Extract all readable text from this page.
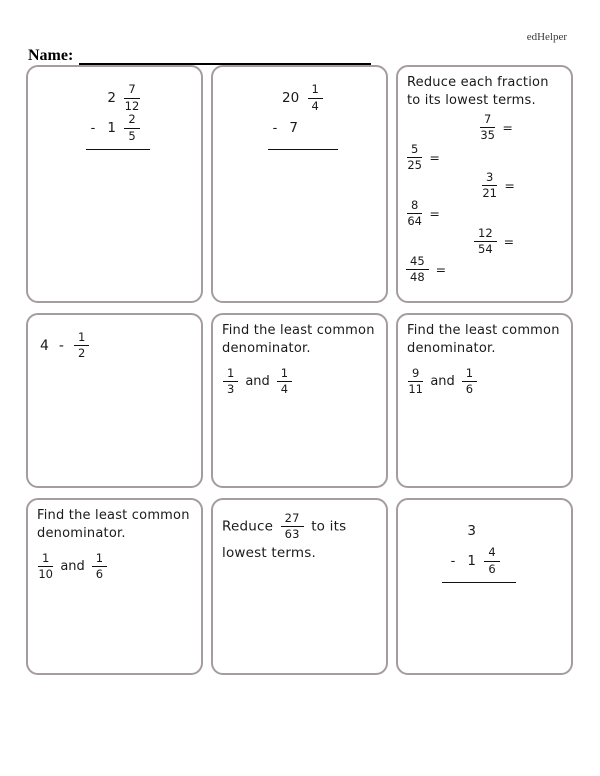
edHelper
Name:
$2 \frac{7}{12}$
- $1 \frac{2}{5}$
$20 \frac{1}{4}$
- 7
Reduce each fraction to its lowest terms.
$\frac{7}{35}$ =
$\frac{5}{25}$ =
$\frac{3}{21}$ =
$\frac{8}{64}$ =
$\frac{12}{54}$ =
$\frac{45}{48}$ =
$4 - \frac{1}{2}$
Find the least common denominator.
$\frac{1}{3}$ and $\frac{1}{4}$
Find the least common denominator.
$\frac{9}{11}$ and $\frac{1}{6}$
Find the least common denominator.
$\frac{1}{10}$ and $\frac{1}{6}$
Reduce $\frac{27}{63}$ to its lowest terms.
3
- $1 \frac{4}{6}$
